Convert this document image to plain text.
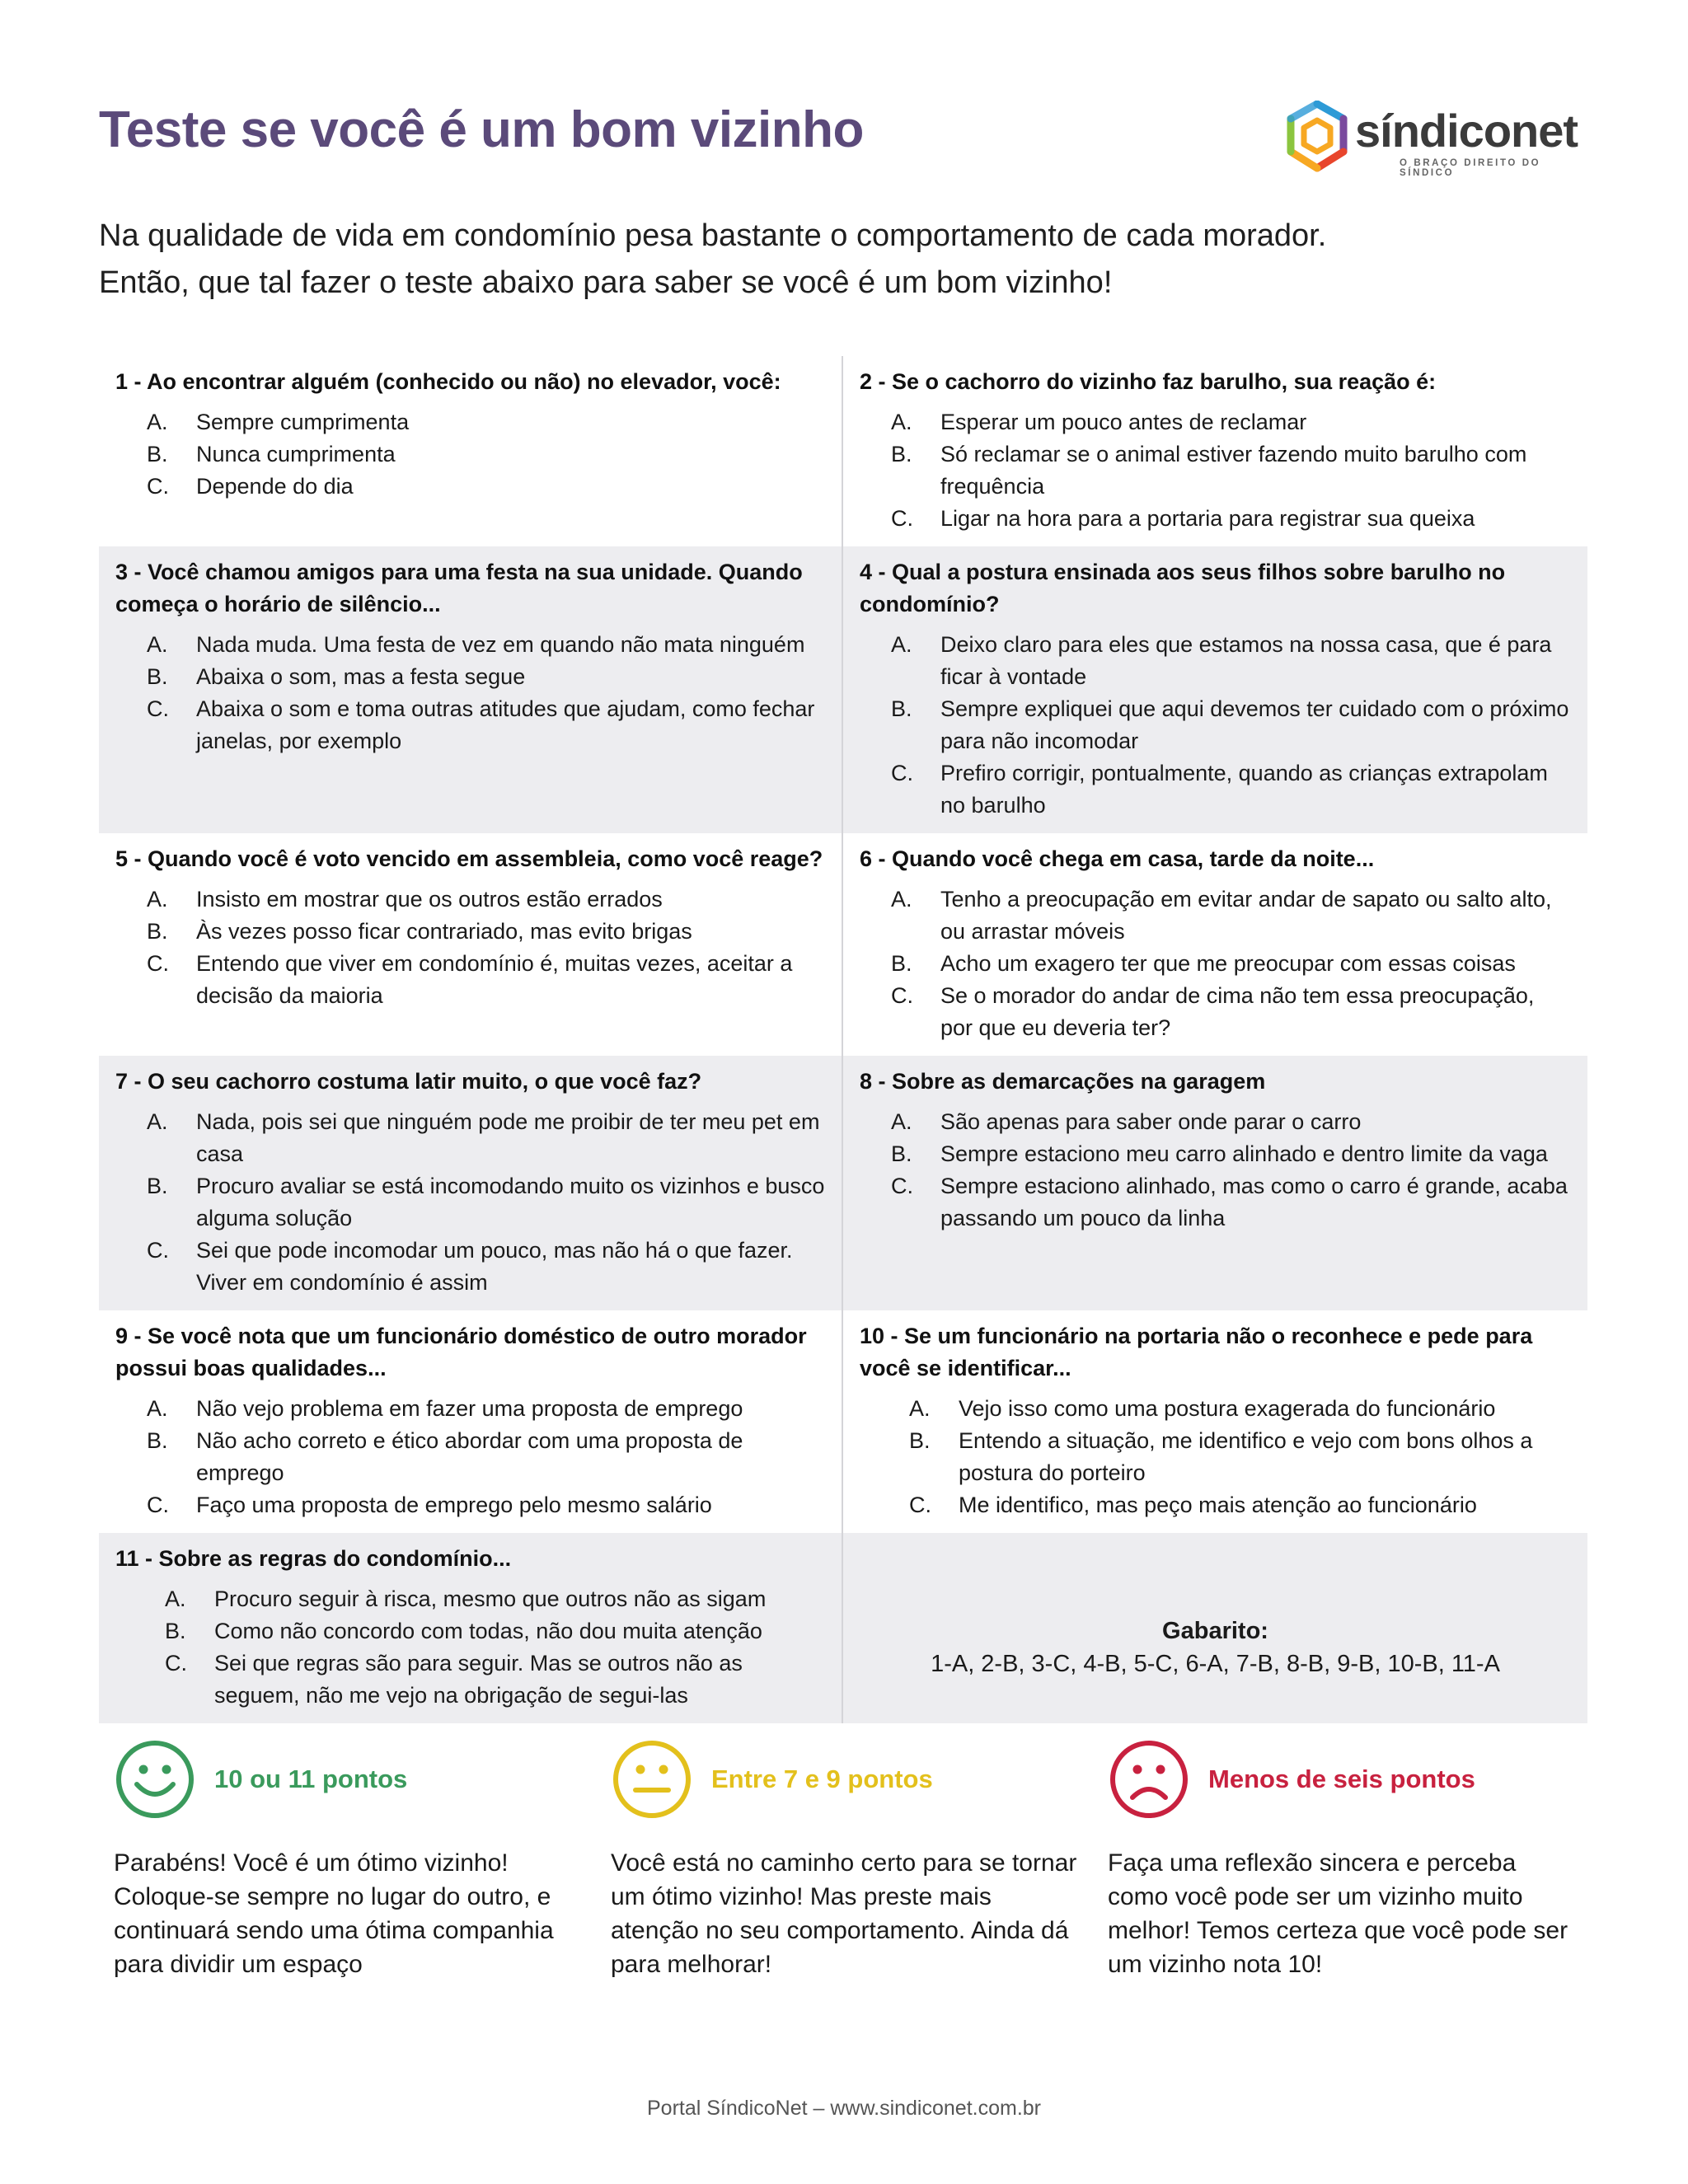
Teste se você é um bom vizinho	síndiconet
O BRAÇO DIREITO DO SÍNDICO

Na qualidade de vida em condomínio pesa bastante o comportamento de cada morador.

Então, que tal fazer o teste abaixo para saber se você é um bom vizinho!

1 - Ao encontrar alguém (conhecido ou não) no elevador, você:

A.	Sempre cumprimenta
B.	Nunca cumprimenta
C.	Depende do dia

2 - Se o cachorro do vizinho faz barulho, sua reação é:

A.	Esperar um pouco antes de reclamar
B.	Só reclamar se o animal estiver fazendo muito barulho com frequência
C.	Ligar na hora para a portaria para registrar sua queixa

3 - Você chamou amigos para uma festa na sua unidade. Quando começa o horário de silêncio...

A.	Nada muda. Uma festa de vez em quando não mata ninguém
B.	Abaixa o som, mas a festa segue
C.	Abaixa o som e toma outras atitudes que ajudam, como fechar janelas, por exemplo

4 - Qual a postura ensinada aos seus filhos sobre barulho no condomínio?

A.	Deixo claro para eles que estamos na nossa casa, que é para ficar à vontade
B.	Sempre expliquei que aqui devemos ter cuidado com o próximo para não incomodar
C.	Prefiro corrigir, pontualmente, quando as crianças extrapolam no barulho

5 - Quando você é voto vencido em assembleia, como você reage?

A.	Insisto em mostrar que os outros estão errados
B.	Às vezes posso ficar contrariado, mas evito brigas
C.	Entendo que viver em condomínio é, muitas vezes, aceitar a decisão da maioria

6 - Quando você chega em casa, tarde da noite...

A.	Tenho a preocupação em evitar andar de sapato ou salto alto, ou arrastar móveis
B.	Acho um exagero ter que me preocupar com essas coisas
C.	Se o morador do andar de cima não tem essa preocupação, por que eu deveria ter?

7 - O seu cachorro costuma latir muito, o que você faz?

A.	Nada, pois sei que ninguém pode me proibir de ter meu pet em casa
B.	Procuro avaliar se está incomodando muito os vizinhos e busco alguma solução
C.	Sei que pode incomodar um pouco, mas não há o que fazer. Viver em condomínio é assim

8 - Sobre as demarcações na garagem

A.	São apenas para saber onde parar o carro
B.	Sempre estaciono meu carro alinhado e dentro limite da vaga
C.	Sempre estaciono alinhado, mas como o carro é grande, acaba passando um pouco da linha

9 - Se você nota que um funcionário doméstico de outro morador possui boas qualidades...

A.	Não vejo problema em fazer uma proposta de emprego
B.	Não acho correto e ético abordar com uma proposta de emprego
C.	Faço uma proposta de emprego pelo mesmo salário

10 - Se um funcionário na portaria não o reconhece e pede para você se identificar...

A.	Vejo isso como uma postura exagerada do funcionário
B.	Entendo a situação, me identifico e vejo com bons olhos a postura do porteiro
C.	Me identifico, mas peço mais atenção ao funcionário

11 - Sobre as regras do condomínio...

A.	Procuro seguir à risca, mesmo que outros não as sigam
B.	Como não concordo com todas, não dou muita atenção
C.	Sei que regras são para seguir. Mas se outros não as seguem, não me vejo na obrigação de segui-las
Gabarito:
1-A, 2-B, 3-C, 4-B, 5-C, 6-A, 7-B, 8-B, 9-B, 10-B, 11-A
10 ou 11 pontos
Parabéns! Você é um ótimo vizinho! Coloque-se sempre no lugar do outro, e continuará sendo uma ótima companhia para dividir um espaço
Entre 7 e 9 pontos
Você está no caminho certo para se tornar um ótimo vizinho! Mas preste mais atenção no seu comportamento. Ainda dá para melhorar!
Menos de seis pontos
Faça uma reflexão sincera e perceba como você pode ser um vizinho muito melhor! Temos certeza que você pode ser um vizinho nota 10!
Portal SíndicoNet – www.sindiconet.com.br
